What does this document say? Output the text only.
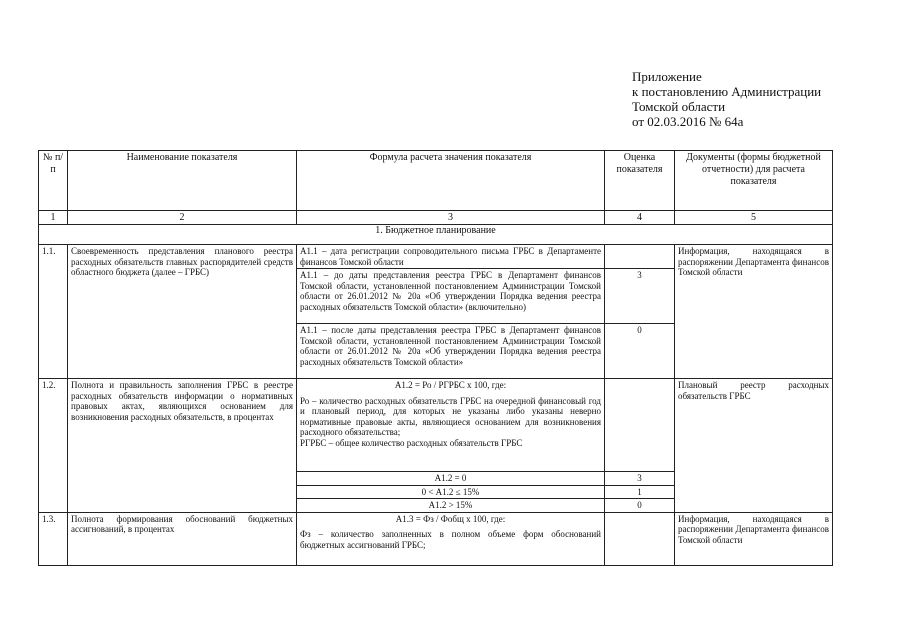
Приложение
к постановлению Администрации
Томской области
от 02.03.2016 № 64а
№ п/п	Наименование показателя	Формула расчета значения показателя	Оценка показателя	Документы (формы бюджетной отчетности) для расчета показателя
1	2	3	4	5
1. Бюджетное планирование				
1.1.	Своевременность представления планового реестра расходных обязательств главных распорядителей средств областного бюджета (далее – ГРБС)	А1.1 – дата регистрации сопроводительного письма ГРБС в Департаменте финансов Томской области		Информация, находящаяся в распоряжении Департамента финансов Томской области
		А1.1 – до даты представления реестра ГРБС в Департамент финансов Томской области, установленной постановлением Администрации Томской области от 26.01.2012 № 20а «Об утверждении Порядка ведения реестра расходных обязательств Томской области» (включительно)	3	
		А1.1 – после даты представления реестра ГРБС в Департамент финансов Томской области, установленной постановлением Администрации Томской области от 26.01.2012 № 20а «Об утверждении Порядка ведения реестра расходных обязательств Томской области»	0	
1.2.	Полнота и правильность заполнения ГРБС в реестре расходных обязательств информации о нормативных правовых актах, являющихся основанием для возникновения расходных обязательств, в процентах	А1.2 = Ро / РГРБС х 100, где:
Ро – количество расходных обязательств ГРБС на очередной финансовый год и плановый период, для которых не указаны либо указаны неверно нормативные правовые акты, являющиеся основанием для возникновения расходного обязательства;
РГРБС – общее количество расходных обязательств ГРБС		Плановый реестр расходных обязательств ГРБС
		А1.2 = 0	3	
		0 < А1.2 ≤ 15%	1	
		А1.2 > 15%	0	
1.3.	Полнота формирования обоснований бюджетных ассигнований, в процентах	А1.3 = Фз / Фобщ х 100, где:
Фз – количество заполненных в полном объеме форм обоснований бюджетных ассигнований ГРБС;		Информация, находящаяся в распоряжении Департамента финансов Томской области
